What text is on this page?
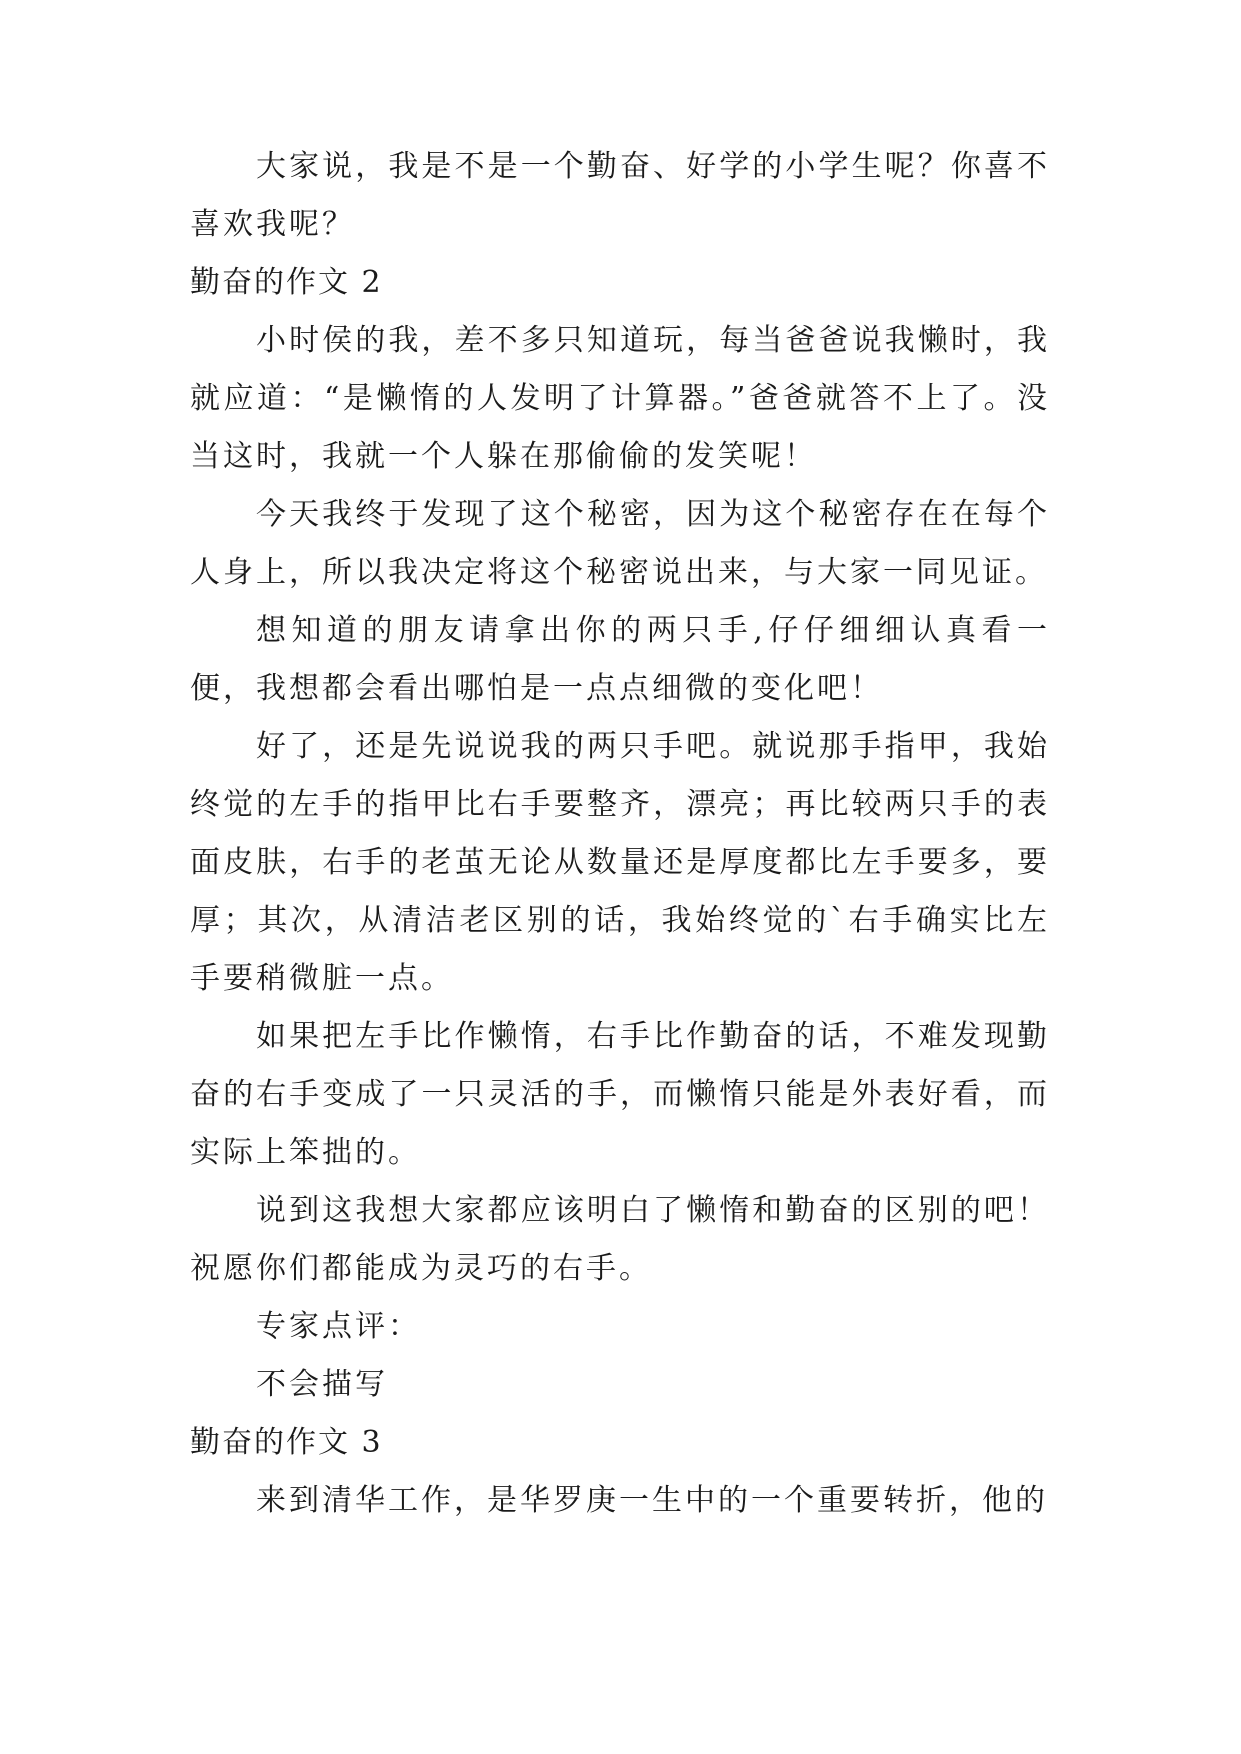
大家说，我是不是一个勤奋、好学的小学生呢？你喜不喜欢我呢？

勤奋的作文 2

小时侯的我，差不多只知道玩，每当爸爸说我懒时，我就应道：“是懒惰的人发明了计算器。”爸爸就答不上了。没当这时，我就一个人躲在那偷偷的发笑呢！

今天我终于发现了这个秘密，因为这个秘密存在在每个人身上，所以我决定将这个秘密说出来，与大家一同见证。

想知道的朋友请拿出你的两只手,仔仔细细认真看一便，我想都会看出哪怕是一点点细微的变化吧！

好了，还是先说说我的两只手吧。就说那手指甲，我始终觉的左手的指甲比右手要整齐，漂亮；再比较两只手的表面皮肤，右手的老茧无论从数量还是厚度都比左手要多，要厚；其次，从清洁老区别的话，我始终觉的`右手确实比左手要稍微脏一点。

如果把左手比作懒惰，右手比作勤奋的话，不难发现勤奋的右手变成了一只灵活的手，而懒惰只能是外表好看，而实际上笨拙的。

说到这我想大家都应该明白了懒惰和勤奋的区别的吧！祝愿你们都能成为灵巧的右手。

专家点评：

不会描写

勤奋的作文 3

来到清华工作，是华罗庚一生中的一个重要转折，他的
